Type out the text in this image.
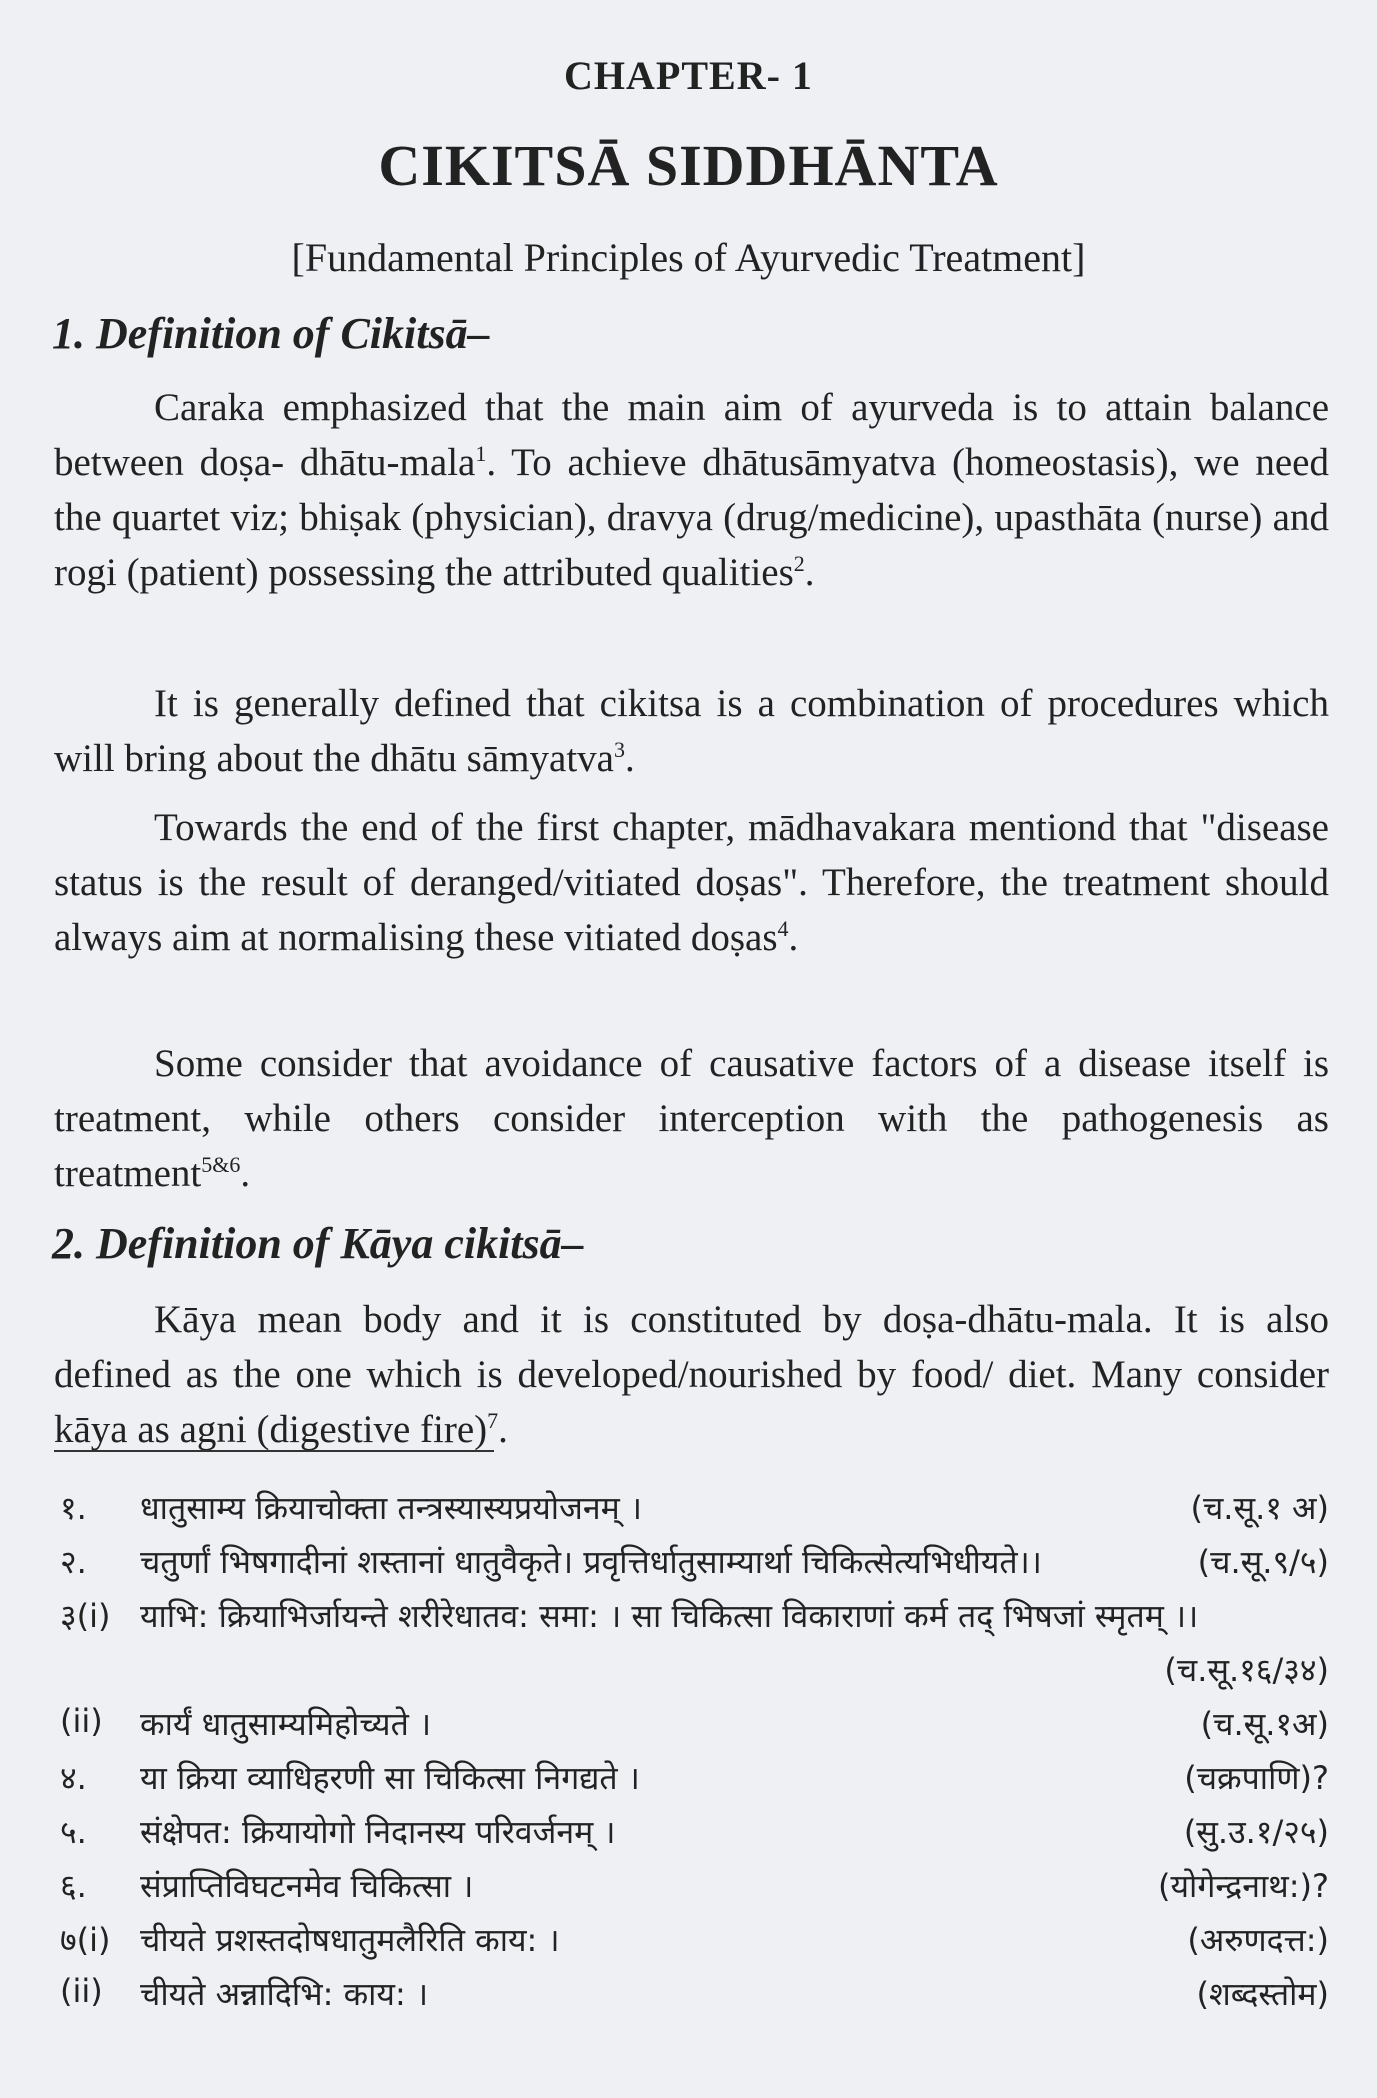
CHAPTER- 1
CIKITSĀ SIDDHĀNTA
[Fundamental Principles of Ayurvedic Treatment]
1. Definition of Cikitsā–
Caraka emphasized that the main aim of ayurveda is to attain balance between doṣa- dhātu-mala$^1$. To achieve dhātusāmyatva (homeostasis), we need the quartet viz; bhiṣak (physician), dravya (drug/medicine), upasthāta (nurse) and rogi (patient) possessing the attributed qualities$^2$.
It is generally defined that cikitsa is a combination of procedures which will bring about the dhātu sāmyatva$^3$.
Towards the end of the first chapter, mādhavakara mentiond that "disease status is the result of deranged/vitiated doṣas". Therefore, the treatment should always aim at normalising these vitiated doṣas$^4$.
Some consider that avoidance of causative factors of a disease itself is treatment, while others consider interception with the pathogenesis as treatment$^{5\&6}$.
2. Definition of Kāya cikitsā–
Kāya mean body and it is constituted by doṣa-dhātu-mala. It is also defined as the one which is developed/nourished by food/ diet. Many consider kāya as agni (digestive fire)$^7$.
१. धातुसाम्य क्रियाचोक्ता तन्त्रस्यास्यप्रयोजनम् ।	(च.सू.१ अ)
२. चतुर्णां भिषगादीनां शस्तानां धातुवैकृते। प्रवृत्तिर्धातुसाम्यार्था चिकित्सेत्यभिधीयते।।	(च.सू.९/५)
३(i) याभि: क्रियाभिर्जायन्ते शरीरेधातव: समा: । सा चिकित्सा विकाराणां कर्म तद् भिषजां स्मृतम् ।।
(च.सू.१६/३४)
(ii) कार्यं धातुसाम्यमिहोच्यते ।	(च.सू.१अ)
४. या क्रिया व्याधिहरणी सा चिकित्सा निगद्यते ।	(चक्रपाणि)?
५. संक्षेपत: क्रियायोगो निदानस्य परिवर्जनम् ।	(सु.उ.१/२५)
६. संप्राप्तिविघटनमेव चिकित्सा ।	(योगेन्द्रनाथ:)?
७(i) चीयते प्रशस्तदोषधातुमलैरिति काय: ।	(अरुणदत्त:)
(ii) चीयते अन्नादिभि: काय: ।	(शब्दस्तोम)
